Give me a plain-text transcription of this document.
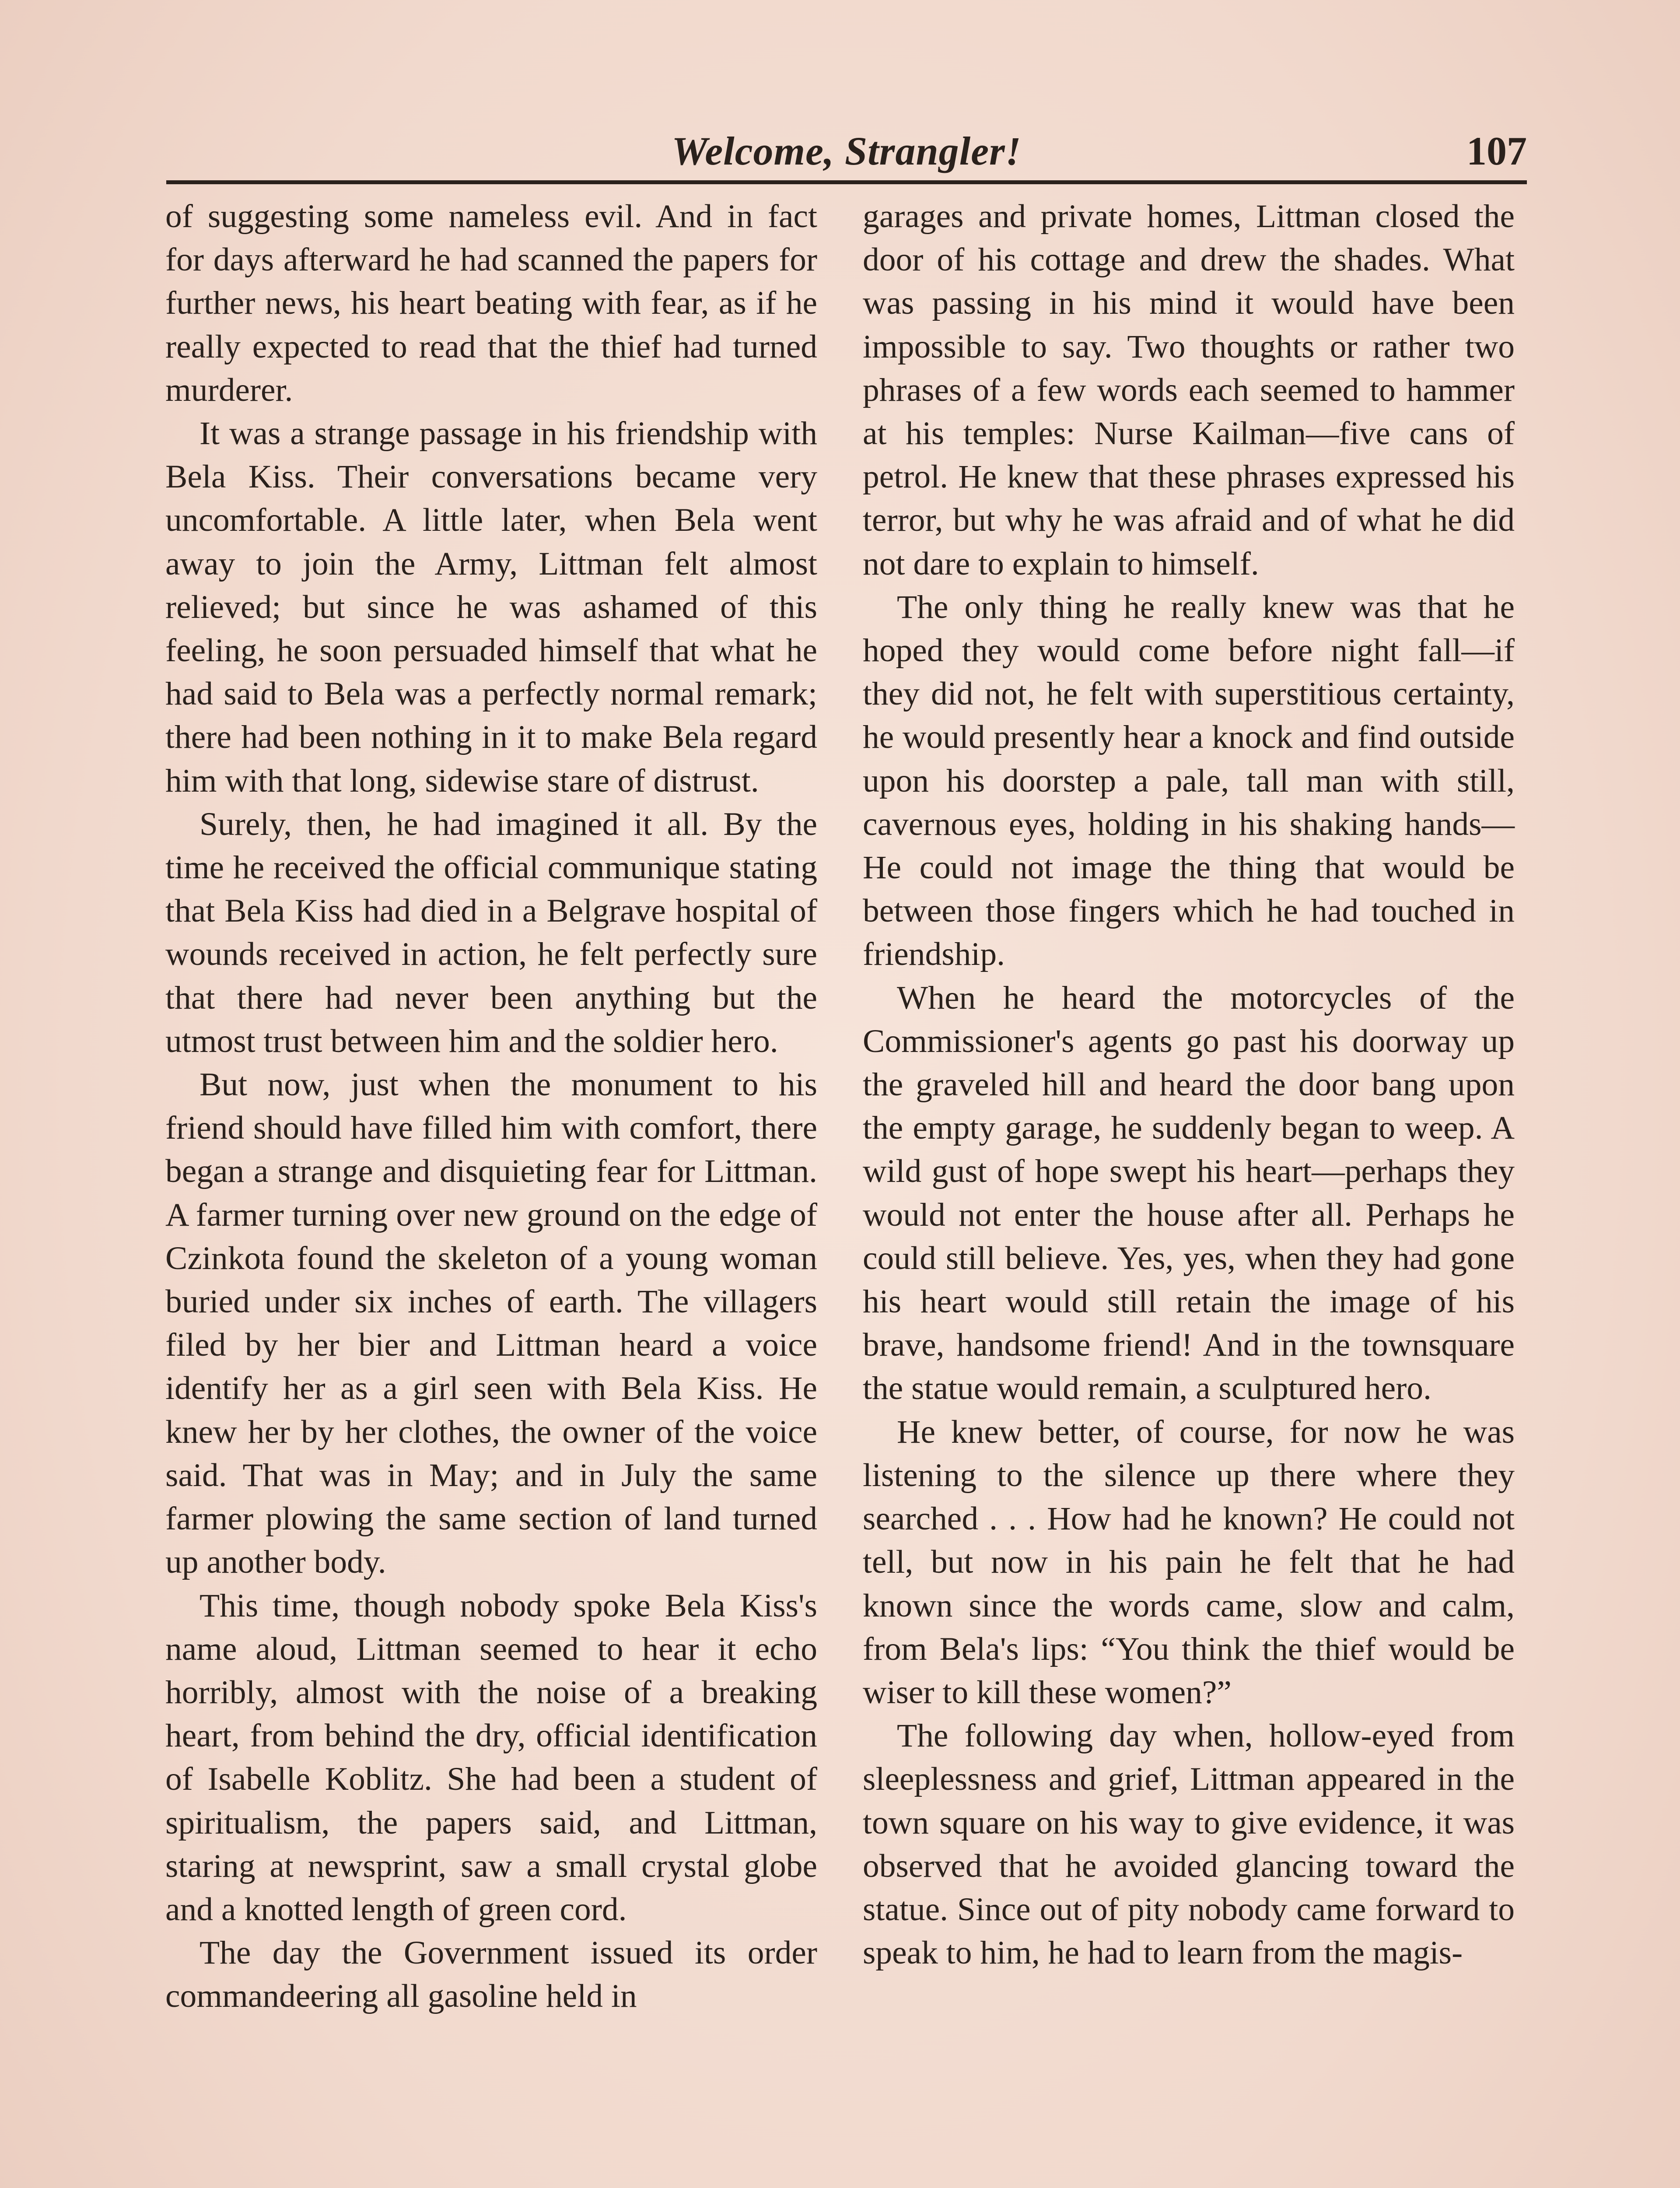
Welcome, Strangler!	107

of suggesting some nameless evil. And in fact for days afterward he had scanned the papers for further news, his heart beating with fear, as if he really expected to read that the thief had turned murderer.

It was a strange passage in his friendship with Bela Kiss. Their conversations became very uncomfortable. A little later, when Bela went away to join the Army, Littman felt almost relieved; but since he was ashamed of this feeling, he soon persuaded himself that what he had said to Bela was a perfectly normal remark; there had been nothing in it to make Bela regard him with that long, sidewise stare of distrust.

Surely, then, he had imagined it all. By the time he received the official communique stating that Bela Kiss had died in a Belgrave hospital of wounds received in action, he felt perfectly sure that there had never been anything but the utmost trust between him and the soldier hero.

But now, just when the monument to his friend should have filled him with comfort, there began a strange and disquieting fear for Littman. A farmer turning over new ground on the edge of Czinkota found the skeleton of a young woman buried under six inches of earth. The villagers filed by her bier and Littman heard a voice identify her as a girl seen with Bela Kiss. He knew her by her clothes, the owner of the voice said. That was in May; and in July the same farmer plowing the same section of land turned up another body.

This time, though nobody spoke Bela Kiss's name aloud, Littman seemed to hear it echo horribly, almost with the noise of a breaking heart, from behind the dry, official identification of Isabelle Koblitz. She had been a student of spiritualism, the papers said, and Littman, staring at newsprint, saw a small crystal globe and a knotted length of green cord.

The day the Government issued its order commandeering all gasoline held in

garages and private homes, Littman closed the door of his cottage and drew the shades. What was passing in his mind it would have been impossible to say. Two thoughts or rather two phrases of a few words each seemed to hammer at his temples: Nurse Kailman—five cans of petrol. He knew that these phrases expressed his terror, but why he was afraid and of what he did not dare to explain to himself.

The only thing he really knew was that he hoped they would come before night fall—if they did not, he felt with superstitious certainty, he would presently hear a knock and find outside upon his doorstep a pale, tall man with still, cavernous eyes, holding in his shaking hands—He could not image the thing that would be between those fingers which he had touched in friendship.

When he heard the motorcycles of the Commissioner's agents go past his doorway up the graveled hill and heard the door bang upon the empty garage, he suddenly began to weep. A wild gust of hope swept his heart—perhaps they would not enter the house after all. Perhaps he could still believe. Yes, yes, when they had gone his heart would still retain the image of his brave, handsome friend! And in the townsquare the statue would remain, a sculptured hero.

He knew better, of course, for now he was listening to the silence up there where they searched . . . How had he known? He could not tell, but now in his pain he felt that he had known since the words came, slow and calm, from Bela's lips: “You think the thief would be wiser to kill these women?”

The following day when, hollow-eyed from sleeplessness and grief, Littman appeared in the town square on his way to give evidence, it was observed that he avoided glancing toward the statue. Since out of pity nobody came forward to speak to him, he had to learn from the magis-
